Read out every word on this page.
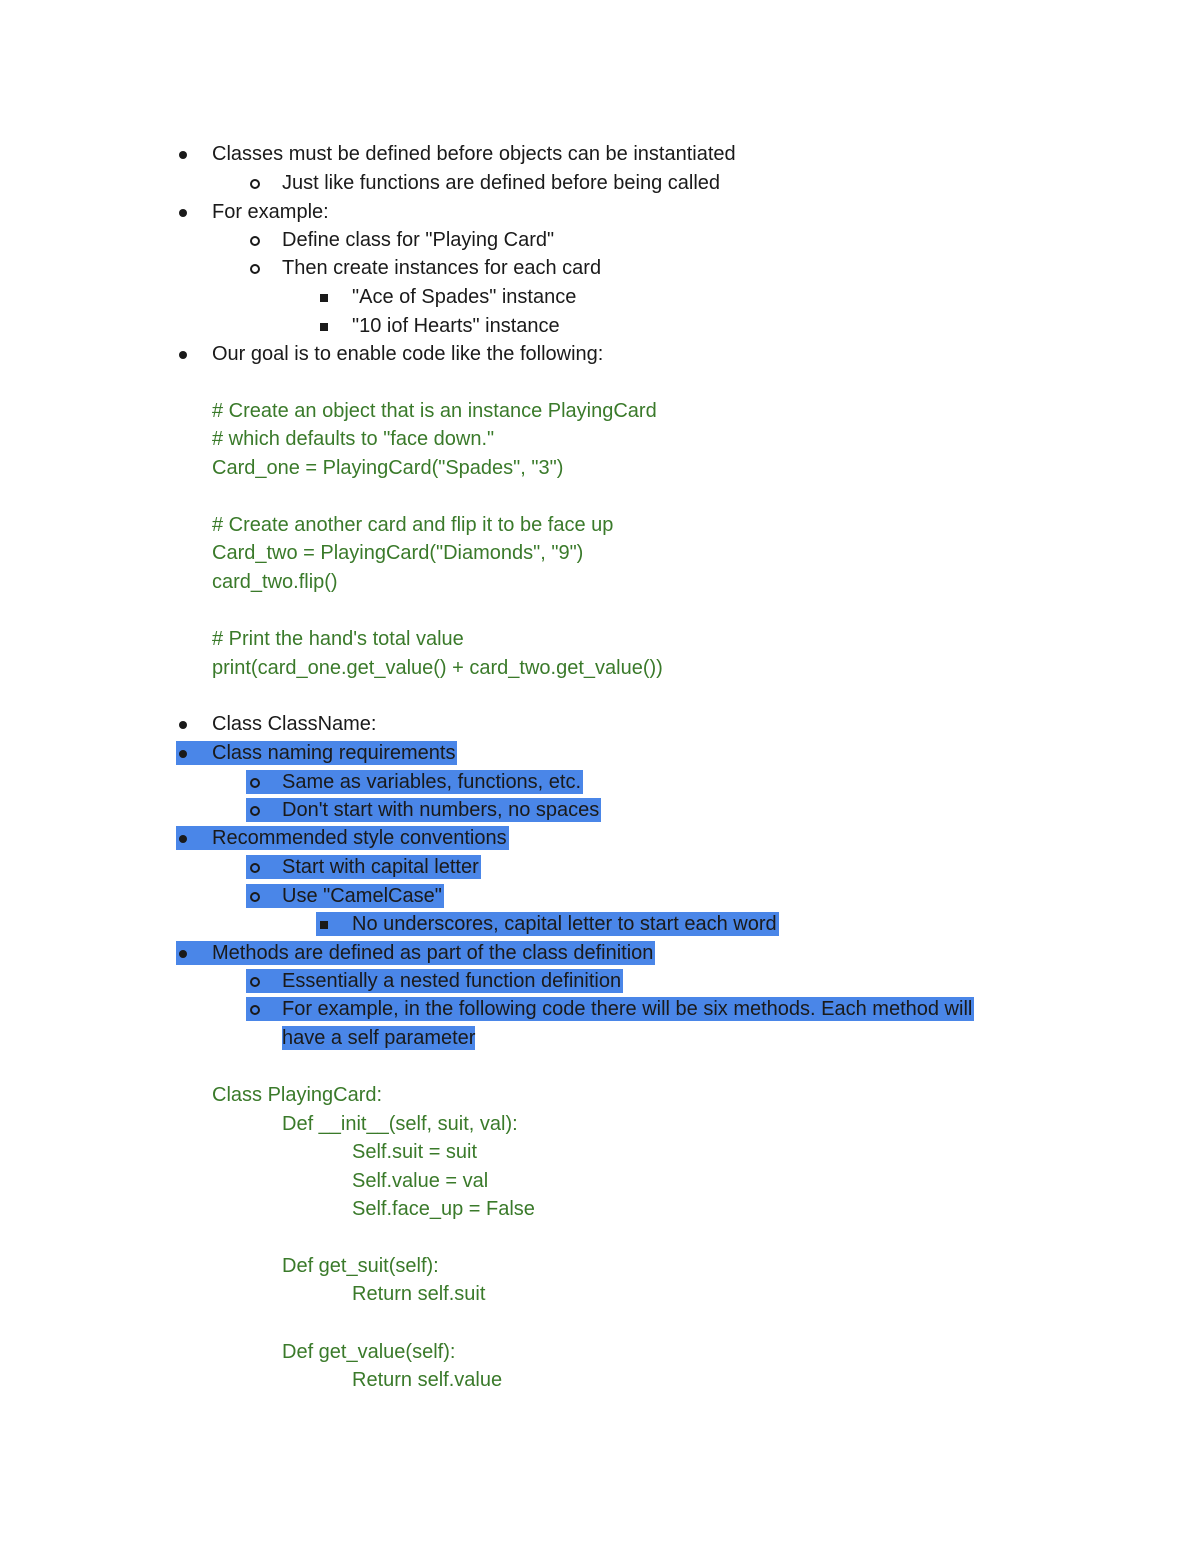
Classes must be defined before objects can be instantiated
Just like functions are defined before being called
For example:
Define class for "Playing Card"
Then create instances for each card
"Ace of Spades" instance
"10 iof Hearts" instance
Our goal is to enable code like the following:
# Create an object that is an instance PlayingCard
# which defaults to "face down."
Card_one = PlayingCard("Spades", "3")
# Create another card and flip it to be face up
Card_two = PlayingCard("Diamonds", "9")
card_two.flip()
# Print the hand's total value
print(card_one.get_value() + card_two.get_value())
Class ClassName:
Class naming requirements
Same as variables, functions, etc.
Don't start with numbers, no spaces
Recommended style conventions
Start with capital letter
Use "CamelCase"
No underscores, capital letter to start each word
Methods are defined as part of the class definition
Essentially a nested function definition
For example, in the following code there will be six methods. Each method will
have a self parameter
Class PlayingCard:
Def __init__(self, suit, val):
Self.suit = suit
Self.value = val
Self.face_up = False
Def get_suit(self):
Return self.suit
Def get_value(self):
Return self.value
